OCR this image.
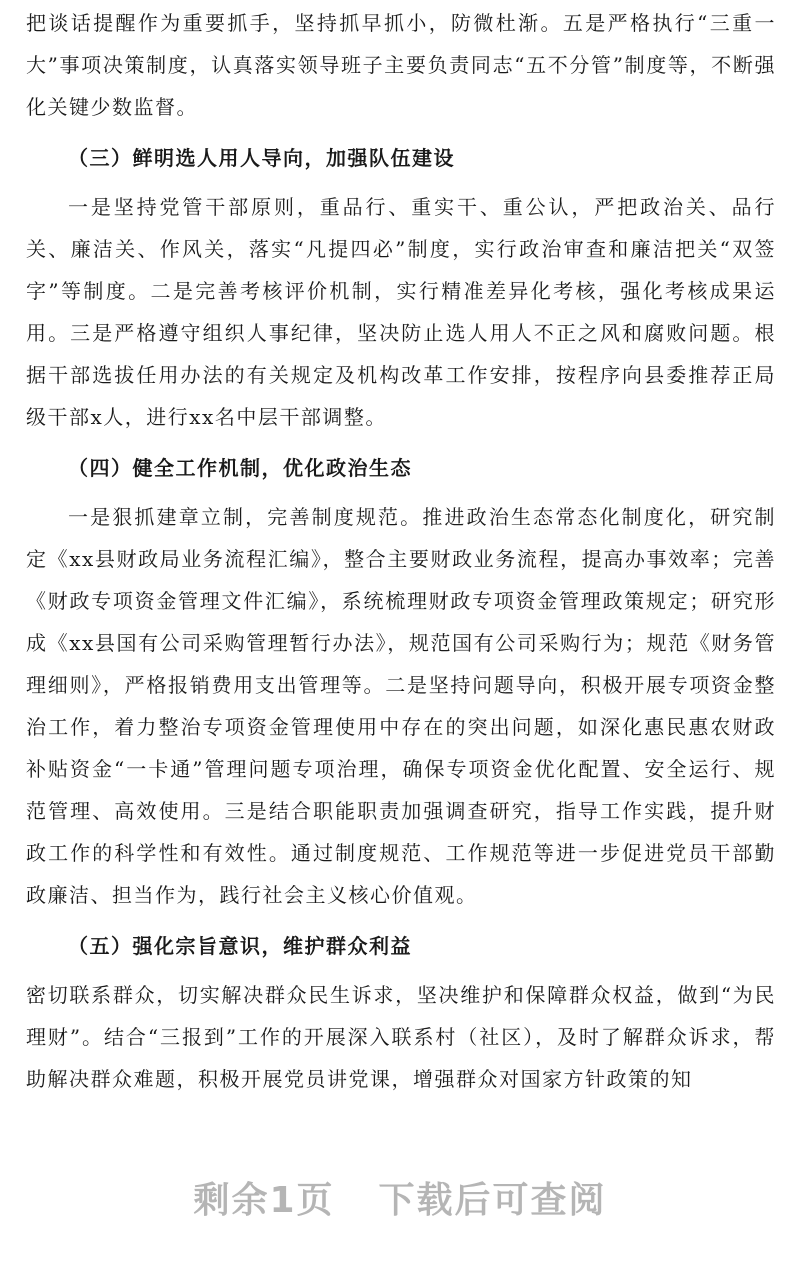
把谈话提醒作为重要抓手，坚持抓早抓小，防微杜渐。五是严格执行“三重一大”事项决策制度，认真落实领导班子主要负责同志“五不分管”制度等，不断强化关键少数监督。

（三）鲜明选人用人导向，加强队伍建设

一是坚持党管干部原则，重品行、重实干、重公认，严把政治关、品行关、廉洁关、作风关，落实“凡提四必”制度，实行政治审查和廉洁把关“双签字”等制度。二是完善考核评价机制，实行精准差异化考核，强化考核成果运用。三是严格遵守组织人事纪律，坚决防止选人用人不正之风和腐败问题。根据干部选拔任用办法的有关规定及机构改革工作安排，按程序向县委推荐正局级干部x人，进行xx名中层干部调整。

（四）健全工作机制，优化政治生态

一是狠抓建章立制，完善制度规范。推进政治生态常态化制度化，研究制定《xx县财政局业务流程汇编》，整合主要财政业务流程，提高办事效率；完善《财政专项资金管理文件汇编》，系统梳理财政专项资金管理政策规定；研究形成《xx县国有公司采购管理暂行办法》，规范国有公司采购行为；规范《财务管理细则》，严格报销费用支出管理等。二是坚持问题导向，积极开展专项资金整治工作，着力整治专项资金管理使用中存在的突出问题，如深化惠民惠农财政补贴资金“一卡通”管理问题专项治理，确保专项资金优化配置、安全运行、规范管理、高效使用。三是结合职能职责加强调查研究，指导工作实践，提升财政工作的科学性和有效性。通过制度规范、工作规范等进一步促进党员干部勤政廉洁、担当作为，践行社会主义核心价值观。

（五）强化宗旨意识，维护群众利益

密切联系群众，切实解决群众民生诉求，坚决维护和保障群众权益，做到“为民理财”。结合“三报到”工作的开展深入联系村（社区），及时了解群众诉求，帮助解决群众难题，积极开展党员讲党课，增强群众对国家方针政策的知

剩余1页 下载后可查阅
